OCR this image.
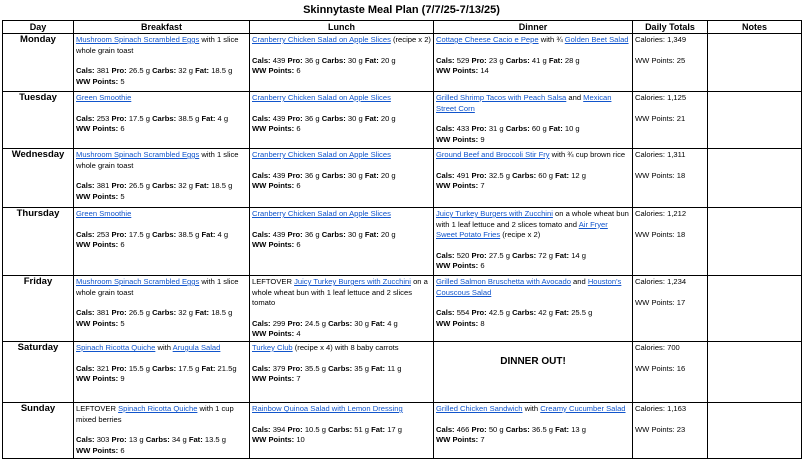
Skinnytaste Meal Plan (7/7/25-7/13/25)
Day	Breakfast	Lunch	Dinner	Daily Totals	Notes
Monday	Mushroom Spinach Scrambled Eggs with 1 slice whole grain toast
Cals: 381 Pro: 26.5 g Carbs: 32 g Fat: 18.5 g
WW Points: 5	Cranberry Chicken Salad on Apple Slices (recipe x 2)
Cals: 439 Pro: 36 g Carbs: 30 g Fat: 20 g
WW Points: 6	Cottage Cheese Cacio e Pepe with ¾ Golden Beet Salad
Cals: 529 Pro: 23 g Carbs: 41 g Fat: 28 g
WW Points: 14	Calories: 1,349
WW Points: 25	

Tuesday	Green Smoothie
Cals: 253 Pro: 17.5 g Carbs: 38.5 g Fat: 4 g
WW Points: 6	Cranberry Chicken Salad on Apple Slices
Cals: 439 Pro: 36 g Carbs: 30 g Fat: 20 g
WW Points: 6	Grilled Shrimp Tacos with Peach Salsa and Mexican Street Corn
Cals: 433 Pro: 31 g Carbs: 60 g Fat: 10 g
WW Points: 9	Calories: 1,125
WW Points: 21	

Wednesday	Mushroom Spinach Scrambled Eggs with 1 slice whole grain toast
Cals: 381 Pro: 26.5 g Carbs: 32 g Fat: 18.5 g
WW Points: 5	Cranberry Chicken Salad on Apple Slices
Cals: 439 Pro: 36 g Carbs: 30 g Fat: 20 g
WW Points: 6	Ground Beef and Broccoli Stir Fry with ¾ cup brown rice
Cals: 491 Pro: 32.5 g Carbs: 60 g Fat: 12 g
WW Points: 7	Calories: 1,311
WW Points: 18	

Thursday	Green Smoothie
Cals: 253 Pro: 17.5 g Carbs: 38.5 g Fat: 4 g
WW Points: 6	Cranberry Chicken Salad on Apple Slices
Cals: 439 Pro: 36 g Carbs: 30 g Fat: 20 g
WW Points: 6	Juicy Turkey Burgers with Zucchini on a whole wheat bun with 1 leaf lettuce and 2 slices tomato and Air Fryer Sweet Potato Fries (recipe x 2)
Cals: 520 Pro: 27.5 g Carbs: 72 g Fat: 14 g
WW Points: 6	Calories: 1,212
WW Points: 18	

Friday	Mushroom Spinach Scrambled Eggs with 1 slice whole grain toast
Cals: 381 Pro: 26.5 g Carbs: 32 g Fat: 18.5 g
WW Points: 5	LEFTOVER Juicy Turkey Burgers with Zucchini on a whole wheat bun with 1 leaf lettuce and 2 slices tomato
Cals: 299 Pro: 24.5 g Carbs: 30 g Fat: 4 g
WW Points: 4	Grilled Salmon Bruschetta with Avocado and Houston's Couscous Salad
Cals: 554 Pro: 42.5 g Carbs: 42 g Fat: 25.5 g
WW Points: 8	Calories: 1,234
WW Points: 17	

Saturday	Spinach Ricotta Quiche with Arugula Salad
Cals: 321 Pro: 15.5 g Carbs: 17.5 g Fat: 21.5g
WW Points: 9	Turkey Club (recipe x 4) with 8 baby carrots
Cals: 379 Pro: 35.5 g Carbs: 35 g Fat: 11 g
WW Points: 7	DINNER OUT!	Calories: 700
WW Points: 16	

Sunday	LEFTOVER Spinach Ricotta Quiche with 1 cup mixed berries
Cals: 303 Pro: 13 g Carbs: 34 g Fat: 13.5 g
WW Points: 6	Rainbow Quinoa Salad with Lemon Dressing
Cals: 394 Pro: 10.5 g Carbs: 51 g Fat: 17 g
WW Points: 10	Grilled Chicken Sandwich with Creamy Cucumber Salad
Cals: 466 Pro: 50 g Carbs: 36.5 g Fat: 13 g
WW Points: 7	Calories: 1,163
WW Points: 23	
